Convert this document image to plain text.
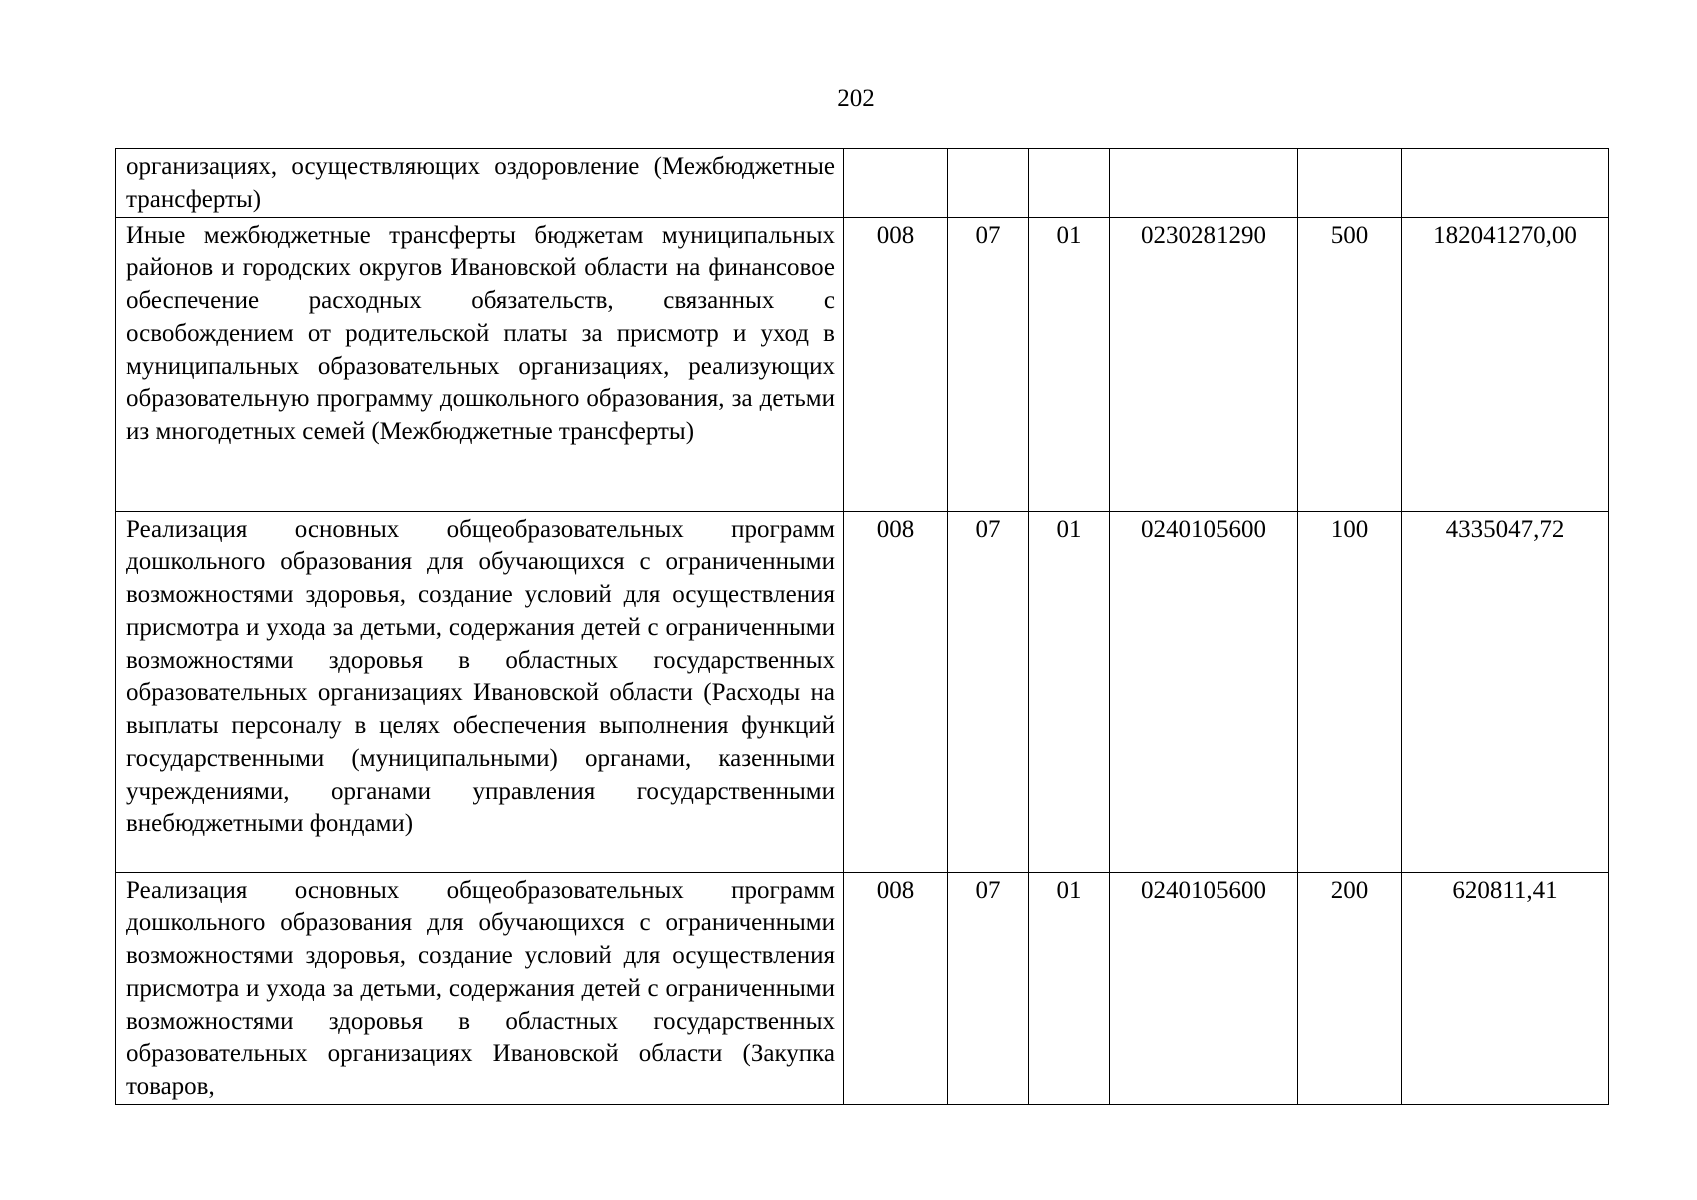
202
организациях, осуществляющих оздоровление (Межбюджетные трансферты)						
Иные межбюджетные трансферты бюджетам муниципальных районов и городских округов Ивановской области на финансовое обеспечение расходных обязательств, связанных с освобождением от родительской платы за присмотр и уход в муниципальных образовательных организациях, реализующих образовательную программу дошкольного образования, за детьми из многодетных семей (Межбюджетные трансферты)	008	07	01	0230281290	500	182041270,00
Реализация основных общеобразовательных программ дошкольного образования для обучающихся с ограниченными возможностями здоровья, создание условий для осуществления присмотра и ухода за детьми, содержания детей с ограниченными возможностями здоровья в областных государственных образовательных организациях Ивановской области (Расходы на выплаты персоналу в целях обеспечения выполнения функций государственными (муниципальными) органами, казенными учреждениями, органами управления государственными внебюджетными фондами)	008	07	01	0240105600	100	4335047,72
Реализация основных общеобразовательных программ дошкольного образования для обучающихся с ограниченными возможностями здоровья, создание условий для осуществления присмотра и ухода за детьми, содержания детей с ограниченными возможностями здоровья в областных государственных образовательных организациях Ивановской области (Закупка товаров,	008	07	01	0240105600	200	620811,41
